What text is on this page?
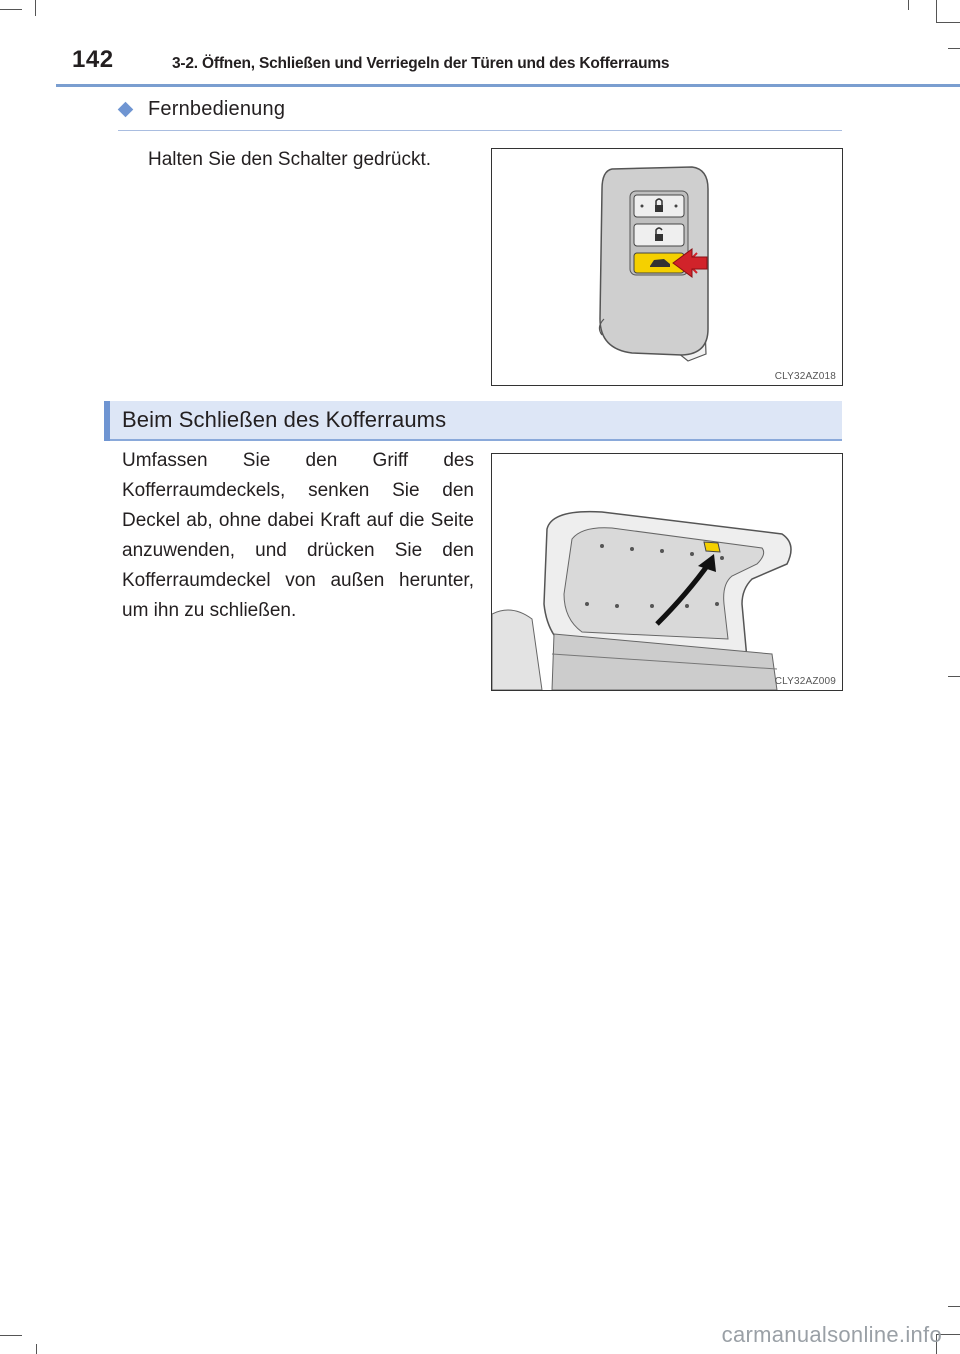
142	3-2. Öffnen, Schließen und Verriegeln der Türen und des Kofferraums
Fernbedienung
Halten Sie den Schalter gedrückt.
CLY32AZ018
Beim Schließen des Kofferraums
Umfassen Sie den Griff des Kofferraumdeckels, senken Sie den Deckel ab, ohne dabei Kraft auf die Seite anzuwenden, und drücken Sie den Kofferraumdeckel von außen herunter, um ihn zu schließen.
CLY32AZ009
carmanualsonline.info
